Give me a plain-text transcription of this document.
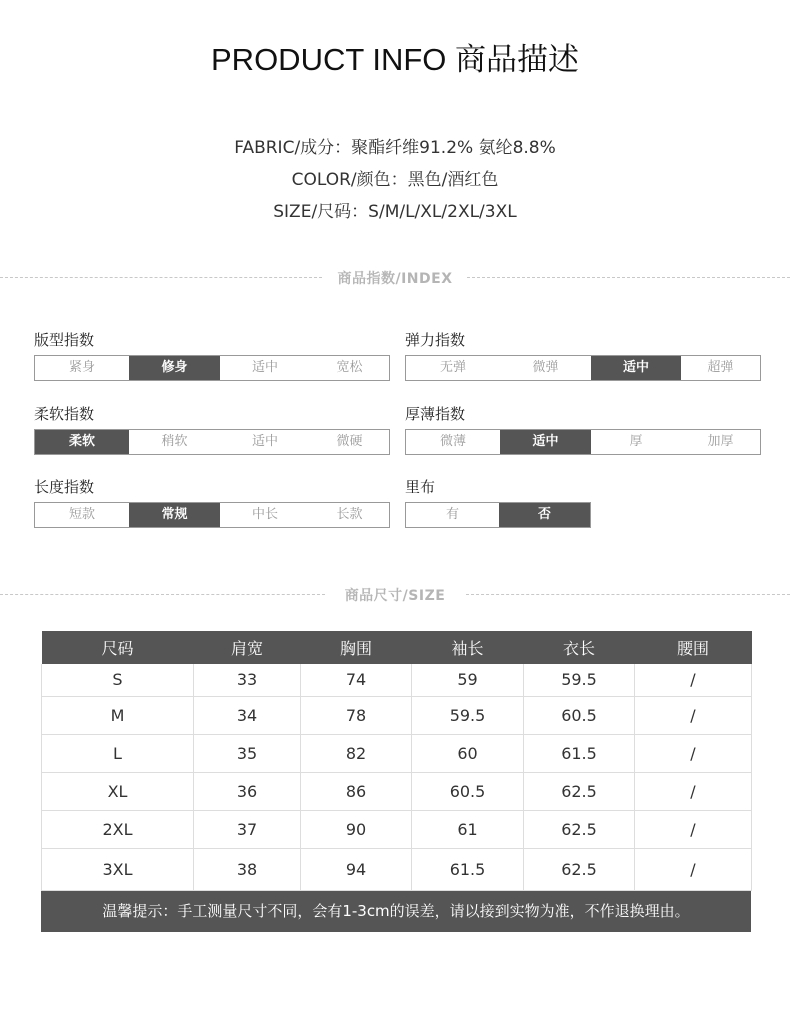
PRODUCT INFO 商品描述
FABRIC/成分：聚酯纤维91.2% 氨纶8.8%
COLOR/颜色：黑色/酒红色
SIZE/尺码：S/M/L/XL/2XL/3XL
商品指数/INDEX
版型指数
紧身	修身	适中	宽松
弹力指数
无弹	微弹	适中	超弹
柔软指数
柔软	稍软	适中	微硬
厚薄指数
微薄	适中	厚	加厚
长度指数
短款	常规	中长	长款
里布
有	否
商品尺寸/SIZE
尺码	肩宽	胸围	袖长	衣长	腰围
S	33	74	59	59.5	/
M	34	78	59.5	60.5	/
L	35	82	60	61.5	/
XL	36	86	60.5	62.5	/
2XL	37	90	61	62.5	/
3XL	38	94	61.5	62.5	/
温馨提示：手工测量尺寸不同，会有1-3cm的误差，请以接到实物为准，不作退换理由。
